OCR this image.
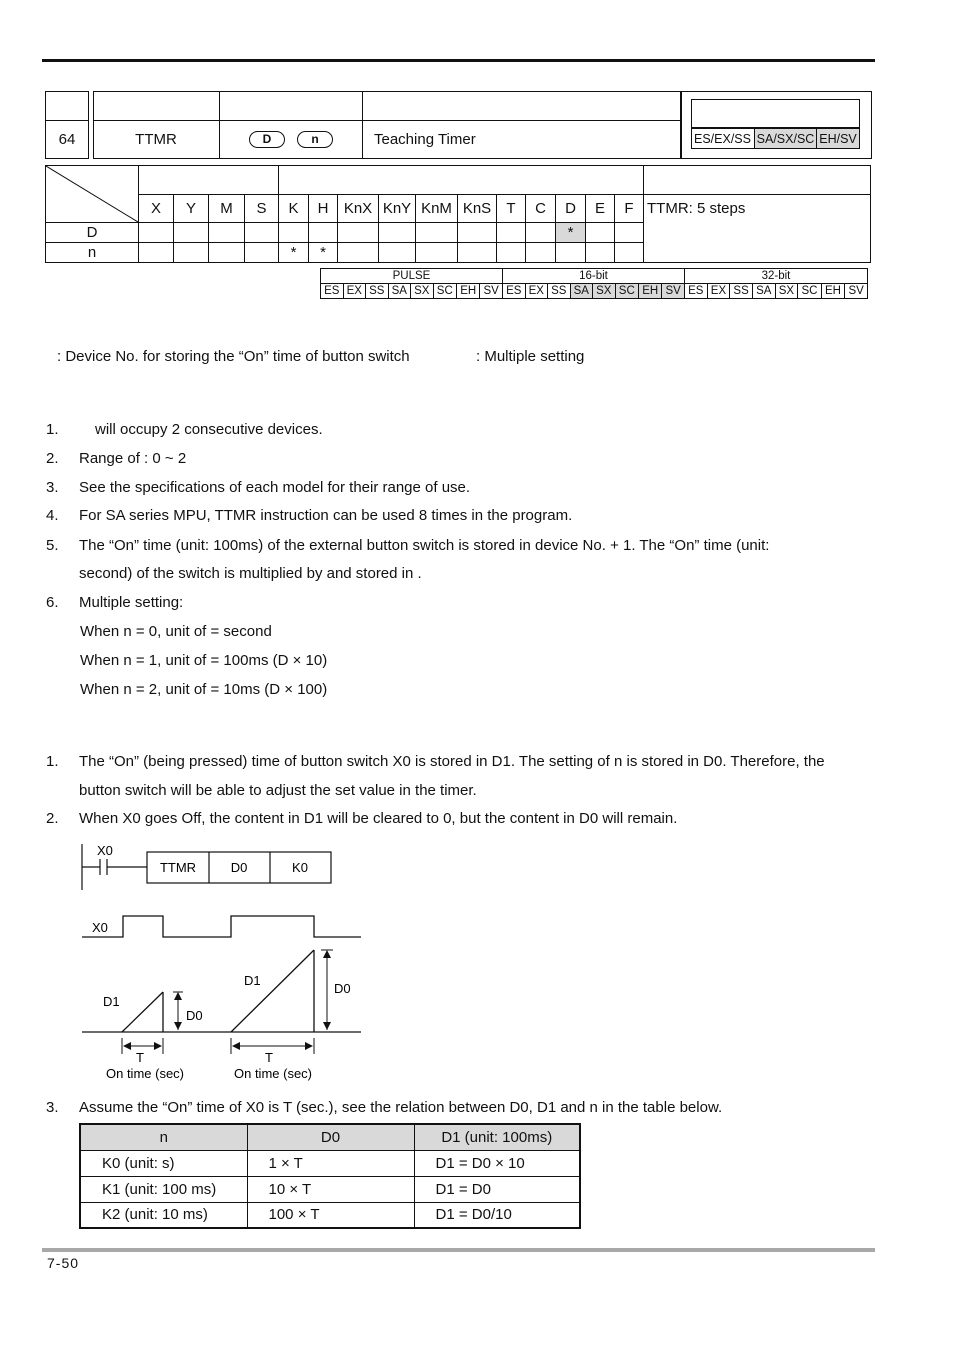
64	TTMR	D	n	Teaching Timer	ES/EX/SS SA/SX/SC EH/SV

	X	Y	M	S	K	H	KnX	KnY	KnM	KnS	T	C	D	E	F	TTMR: 5 steps
D													*			
n					*	*										
PULSE								16-bit								32-bit							
ES	EX	SS	SA	SX	SC	EH	SV	ES	EX	SS	SA	SX	SC	EH	SV	ES	EX	SS	SA	SX	SC	EH	SV
: Device No. for storing the “On” time of button switch	: Multiple setting
1. will occupy 2 consecutive devices.
2. Range of : 0 ~ 2
3. See the specifications of each model for their range of use.
4. For SA series MPU, TTMR instruction can be used 8 times in the program.
5. The “On” time (unit: 100ms) of the external button switch is stored in device No. + 1. The “On” time (unit:
second) of the switch is multiplied by and stored in .
6. Multiple setting:
When n = 0, unit of = second
When n = 1, unit of = 100ms (D × 10)
When n = 2, unit of = 10ms (D × 100)
1. The “On” (being pressed) time of button switch X0 is stored in D1. The setting of n is stored in D0. Therefore, the
button switch will be able to adjust the set value in the timer.
2. When X0 goes Off, the content in D1 will be cleared to 0, but the content in D0 will remain.
X0
TTMR	D0	K0
X0
D1
D0
D1
D0
T
On time (sec)
T
On time (sec)
3. Assume the “On” time of X0 is T (sec.), see the relation between D0, D1 and n in the table below.
n	D0	D1 (unit: 100ms)
K0 (unit: s)	1 × T	D1 = D0 × 10
K1 (unit: 100 ms)	10 × T	D1 = D0
K2 (unit: 10 ms)	100 × T	D1 = D0/10
7-50
